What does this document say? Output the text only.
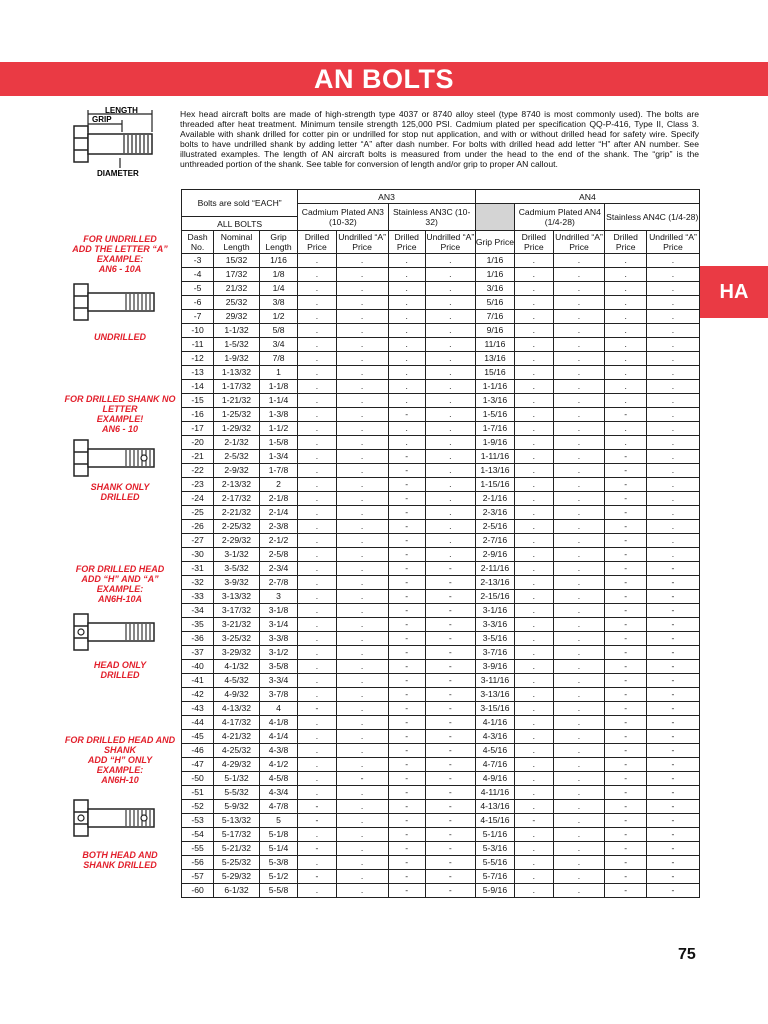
AN BOLTS
HA
LENGTH
GRIP
DIAMETER

Hex head aircraft bolts are made of high-strength type 4037 or 8740 alloy steel (type 8740 is most commonly used). The bolts are threaded after heat treatment. Minimum tensile strength 125,000 PSI. Cadmium plated per specification QQ-P-416, Type II, Class 3. Available with shank drilled for cotter pin or undrilled for stop nut application, and with or without drilled head for safety wire. Specify bolts to have undrilled shank by adding letter “A” after dash number. For bolts with drilled head add letter “H” after AN number. See illustrated examples. The length of AN aircraft bolts is measured from under the head to the end of the shank. The “grip” is the unthreaded portion of the shank. See table for conversion of length and/or grip to proper AN callout.

FOR UNDRILLED
ADD THE LETTER “A”
EXAMPLE:
AN6 - 10A
UNDRILLED
FOR DRILLED SHANK NO
LETTER
EXAMPLE!
AN6 - 10
SHANK ONLY
DRILLED
FOR DRILLED HEAD
ADD “H” AND “A”
EXAMPLE:
AN6H-10A
HEAD ONLY
DRILLED
FOR DRILLED HEAD AND
SHANK
ADD “H” ONLY
EXAMPLE:
AN6H-10
BOTH HEAD AND
SHANK DRILLED
Bolts are sold “EACH”			AN3				AN4				
			Cadmium Plated AN3 (10-32)		Stainless AN3C (10-32)			Cadmium Plated AN4 (1/4-28)		Stainless AN4C (1/4-28)	
ALL BOLTS											
Dash No.	Nominal Length	Grip Length	Drilled Price	Undrilled “A” Price	Drilled Price	Undrilled “A” Price	Grip Price	Drilled Price	Undrilled “A” Price	Drilled Price	Undrilled “A” Price
-3	15/32	1/16	.	.	.	.	1/16	.	.	.	.
-4	17/32	1/8	.	.	.	.	1/16	.	.	.	.
-5	21/32	1/4	.	.	.	.	3/16	.	.	.	.
-6	25/32	3/8	.	.	.	.	5/16	.	.	.	.
-7	29/32	1/2	.	.	.	.	7/16	.	.	.	.
-10	1-1/32	5/8	.	.	.	.	9/16	.	.	.	.
-11	1-5/32	3/4	.	.	.	.	11/16	.	.	.	.
-12	1-9/32	7/8	.	.	.	.	13/16	.	.	.	.
-13	1-13/32	1	.	.	.	.	15/16	.	.	.	.
-14	1-17/32	1-1/8	.	.	.	.	1-1/16	.	.	.	.
-15	1-21/32	1-1/4	.	.	.	.	1-3/16	.	.	.	.
-16	1-25/32	1-3/8	.	.	-	.	1-5/16	.	.	-	.
-17	1-29/32	1-1/2	.	.	.	.	1-7/16	.	.	.	.
-20	2-1/32	1-5/8	.	.	.	.	1-9/16	.	.	.	.
-21	2-5/32	1-3/4	.	.	-	.	1-11/16	.	.	-	.
-22	2-9/32	1-7/8	.	.	-	.	1-13/16	.	.	-	.
-23	2-13/32	2	.	.	-	.	1-15/16	.	.	-	.
-24	2-17/32	2-1/8	.	.	-	.	2-1/16	.	.	-	.
-25	2-21/32	2-1/4	.	.	-	.	2-3/16	.	.	-	.
-26	2-25/32	2-3/8	.	.	-	.	2-5/16	.	.	-	.
-27	2-29/32	2-1/2	.	.	-	.	2-7/16	.	.	-	.
-30	3-1/32	2-5/8	.	.	-	.	2-9/16	.	.	-	.
-31	3-5/32	2-3/4	.	.	-	-	2-11/16	.	.	-	-
-32	3-9/32	2-7/8	.	.	-	-	2-13/16	.	.	-	-
-33	3-13/32	3	.	.	-	-	2-15/16	.	.	-	-
-34	3-17/32	3-1/8	.	.	-	-	3-1/16	.	.	-	-
-35	3-21/32	3-1/4	.	.	-	-	3-3/16	.	.	-	-
-36	3-25/32	3-3/8	.	.	-	-	3-5/16	.	.	-	-
-37	3-29/32	3-1/2	.	.	-	-	3-7/16	.	.	-	-
-40	4-1/32	3-5/8	.	.	-	-	3-9/16	.	.	-	-
-41	4-5/32	3-3/4	.	.	-	-	3-11/16	.	.	-	-
-42	4-9/32	3-7/8	.	.	-	-	3-13/16	.	.	-	-
-43	4-13/32	4	-	.	-	-	3-15/16	.	.	-	-
-44	4-17/32	4-1/8	.	.	-	-	4-1/16	.	.	-	-
-45	4-21/32	4-1/4	.	.	-	-	4-3/16	.	.	-	-
-46	4-25/32	4-3/8	.	.	-	-	4-5/16	.	.	-	-
-47	4-29/32	4-1/2	.	.	-	-	4-7/16	.	.	-	-
-50	5-1/32	4-5/8	.	-	-	-	4-9/16	.	.	-	-
-51	5-5/32	4-3/4	.	.	-	-	4-11/16	.	.	-	-
-52	5-9/32	4-7/8	-	.	-	-	4-13/16	.	.	-	-
-53	5-13/32	5	-	.	-	-	4-15/16	-	.	-	-
-54	5-17/32	5-1/8	.	.	-	-	5-1/16	.	.	-	-
-55	5-21/32	5-1/4	-	.	-	-	5-3/16	.	.	-	-
-56	5-25/32	5-3/8	.	.	-	-	5-5/16	.	.	-	-
-57	5-29/32	5-1/2	-	.	-	-	5-7/16	.	.	-	-
-60	6-1/32	5-5/8	.	.	-	-	5-9/16	.	.	-	-
75
